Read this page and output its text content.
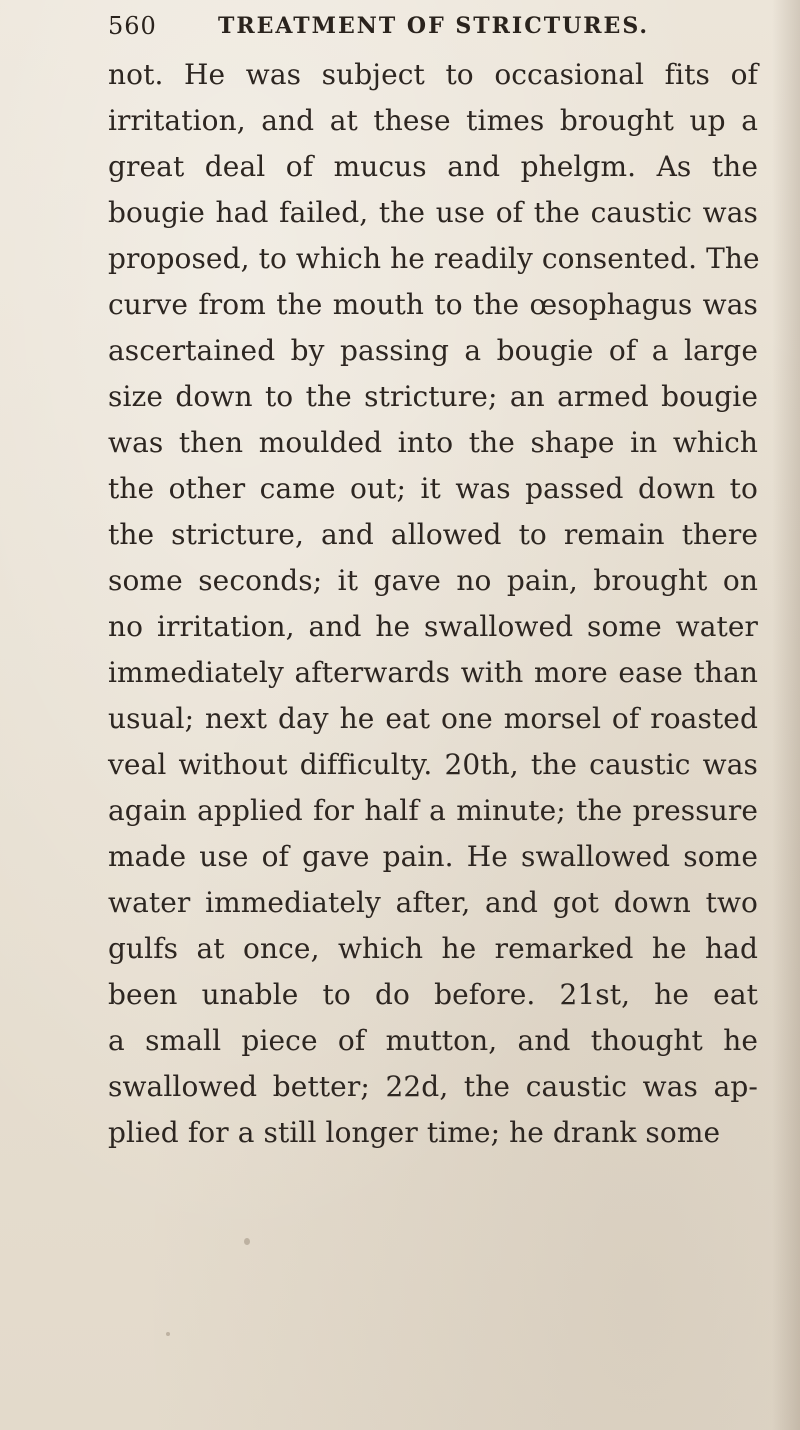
560	TREATMENT OF STRICTURES.
not. He was subject to occasional fits of
irritation, and at these times brought up a
great deal of mucus and phelgm. As the
bougie had failed, the use of the caustic was
proposed, to which he readily consented. The
curve from the mouth to the œsophagus was
ascertained by passing a bougie of a large
size down to the stricture; an armed bougie
was then moulded into the shape in which
the other came out; it was passed down to
the stricture, and allowed to remain there
some seconds; it gave no pain, brought on
no irritation, and he swallowed some water
immediately afterwards with more ease than
usual; next day he eat one morsel of roasted
veal without difficulty. 20th, the caustic was
again applied for half a minute; the pressure
made use of gave pain. He swallowed some
water immediately after, and got down two
gulfs at once, which he remarked he had
been unable to do before. 21st, he eat
a small piece of mutton, and thought he
swallowed better; 22d, the caustic was ap-
plied for a still longer time; he drank some
